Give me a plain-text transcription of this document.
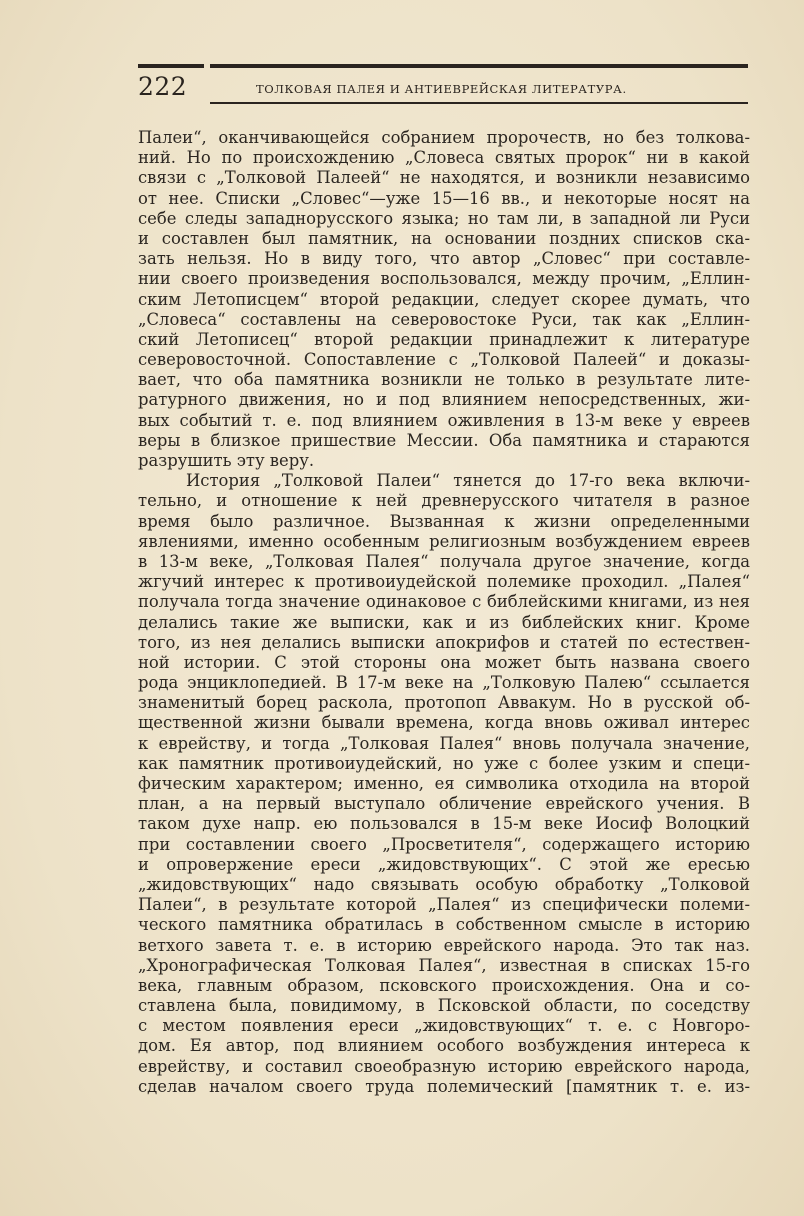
222	ТОЛКОВАЯ ПАЛЕЯ И АНТИЕВРЕЙСКАЯ ЛИТЕРАТУРА.
Палеи“, оканчивающейся собранием пророчеств, но без толкова-
ний. Но по происхождению „Словеса святых пророк“ ни в какой
связи с „Толковой Палеей“ не находятся, и возникли независимо
от нее. Списки „Словес“—уже 15—16 вв., и некоторые носят на
себе следы западнорусского языка; но там ли, в западной ли Руси
и составлен был памятник, на основании поздних списков ска-
зать нельзя. Но в виду того, что автор „Словес“ при составле-
нии своего произведения воспользовался, между прочим, „Еллин-
ским Летописцем“ второй редакции, следует скорее думать, что
„Словеса“ составлены на северовостоке Руси, так как „Еллин-
ский Летописец“ второй редакции принадлежит к литературе
северовосточной. Сопоставление с „Толковой Палеей“ и доказы-
вает, что оба памятника возникли не только в результате лите-
ратурного движения, но и под влиянием непосредственных, жи-
вых событий т. е. под влиянием оживления в 13-м веке у евреев
веры в близкое пришествие Мессии. Оба памятника и стараются
разрушить эту веру.
История „Толковой Палеи“ тянется до 17-го века включи-
тельно, и отношение к ней древнерусского читателя в разное
время было различное. Вызванная к жизни определенными
явлениями, именно особенным религиозным возбуждением евреев
в 13-м веке, „Толковая Палея“ получала другое значение, когда
жгучий интерес к противоиудейской полемике проходил. „Палея“
получала тогда значение одинаковое с библейскими книгами, из нея
делались такие же выписки, как и из библейских книг. Кроме
того, из нея делались выписки апокрифов и статей по естествен-
ной истории. С этой стороны она может быть названа своего
рода энциклопедией. В 17-м веке на „Толковую Палею“ ссылается
знаменитый борец раскола, протопоп Аввакум. Но в русской об-
щественной жизни бывали времена, когда вновь оживал интерес
к еврейству, и тогда „Толковая Палея“ вновь получала значение,
как памятник противоиудейский, но уже с более узким и специ-
фическим характером; именно, ея символика отходила на второй
план, а на первый выступало обличение еврейского учения. В
таком духе напр. ею пользовался в 15-м веке Иосиф Волоцкий
при составлении своего „Просветителя“, содержащего историю
и опровержение ереси „жидовствующих“. С этой же ересью
„жидовствующих“ надо связывать особую обработку „Толковой
Палеи“, в результате которой „Палея“ из специфически полеми-
ческого памятника обратилась в собственном смысле в историю
ветхого завета т. е. в историю еврейского народа. Это так наз.
„Хронографическая Толковая Палея“, известная в списках 15-го
века, главным образом, псковского происхождения. Она и со-
ставлена была, повидимому, в Псковской области, по соседству
с местом появления ереси „жидовствующих“ т. е. с Новгоро-
дом. Ея автор, под влиянием особого возбуждения интереса к
еврейству, и составил своеобразную историю еврейского народа,
сделав началом своего труда полемический [памятник т. е. из-
